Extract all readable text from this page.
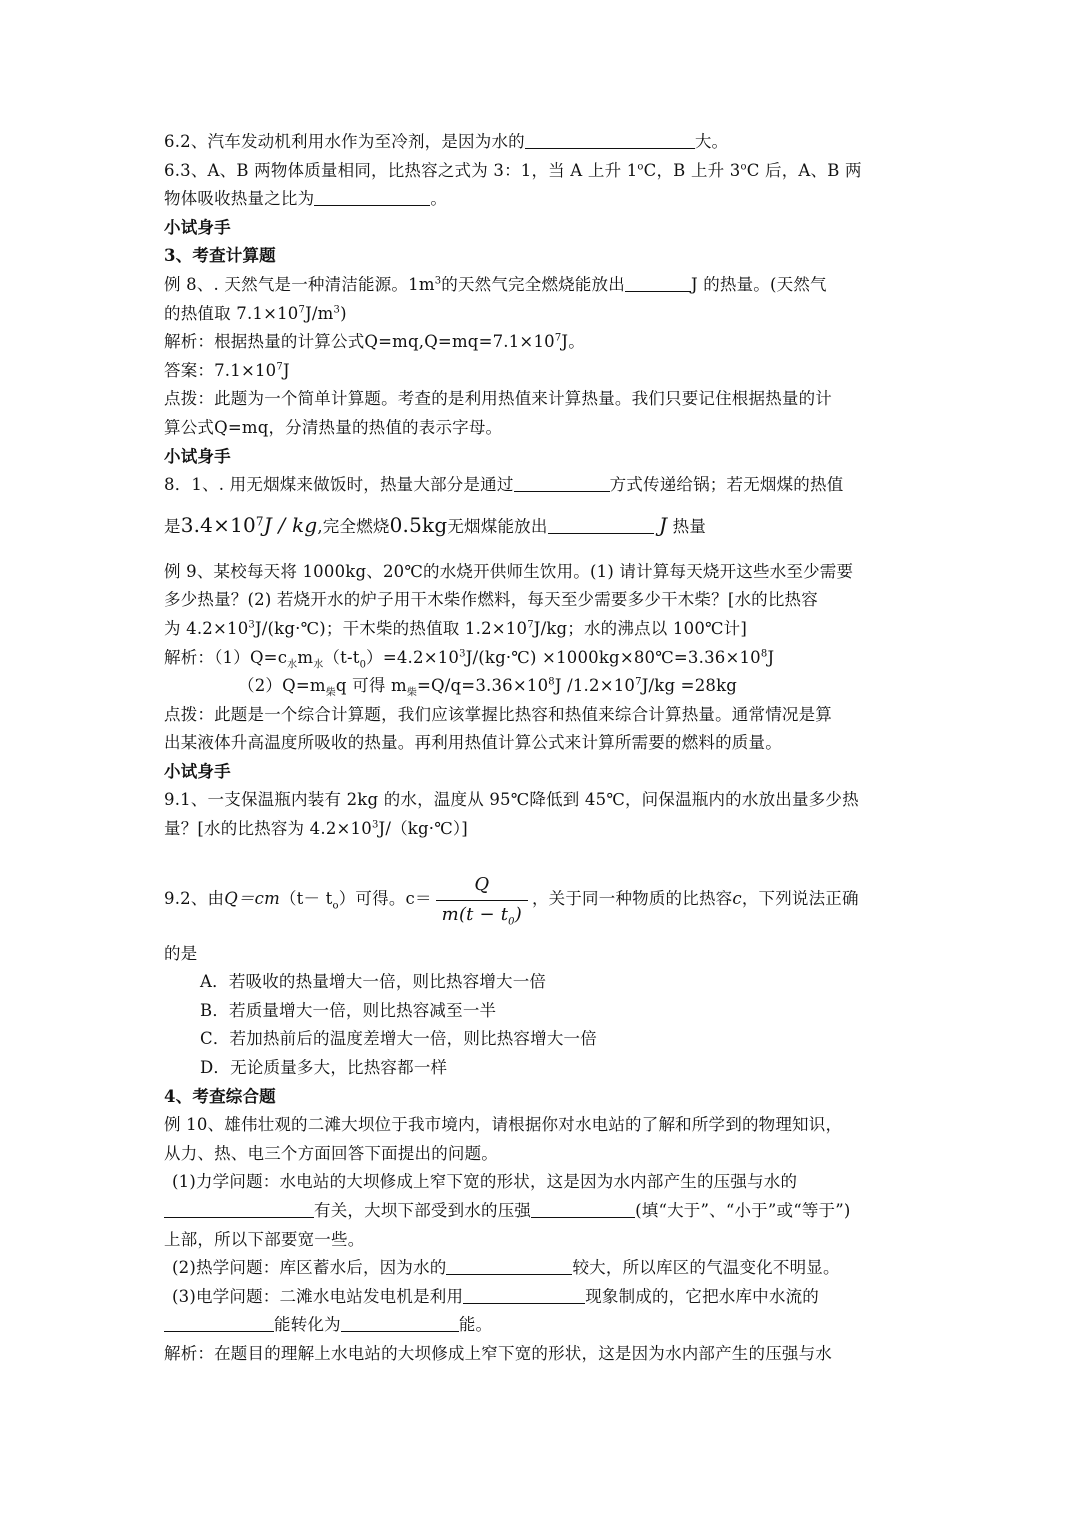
6.2、汽车发动机利用水作为至冷剂，是因为水的	大。
6.3、A、B 两物体质量相同，比热容之式为 3：1，当 A 上升 1$^o$C，B 上升 3$^o$C 后，A、B 两
物体吸收热量之比为	。
小试身手
3、考查计算题
例 8、. 天然气是一种清洁能源。$1m^3$的天然气完全燃烧能放出	J 的热量。(天然气
的热值取 $7.1\times 10^7J/m^3$)
解析：根据热量的计算公式$Q=mq,Q=mq=7.1\times 10^7J$。
答案：$7.1\times 10^7J$
点拨：此题为一个简单计算题。考查的是利用热值来计算热量。我们只要记住根据热量的计
算公式Q=mq，分清热量的热值的表示字母。
小试身手
8．1、. 用无烟煤来做饭时，热量大部分是通过	方式传递给锅；若无烟煤的热值
是$3.4\times 10^7J$ / kg,完全燃烧0.5kg无烟煤能放出	J 热量
例 9、某校每天将 1000kg、20℃的水烧开供师生饮用。(1) 请计算每天烧开这些水至少需要
多少热量？(2) 若烧开水的炉子用干木柴作燃料，每天至少需要多少干木柴？[水的比热容
为 $4.2\times 10^3J/(kg\cdot℃)$；干木柴的热值取 $1.2\times 10^7J/kg$；水的沸点以 100℃计]
解析：$(1)Q=c_水m_水(t-t_0)=4.2\times 10^3J/(kg\cdot℃)$ $\times 1000kg\times 80℃=3.36\times 10^8J$
$(2)Q=m_柴q$ 可得 $m_柴=Q/q=3.36\times 10^8J$ $/1.2\times 10^7J/kg =28kg$
点拨：此题是一个综合计算题，我们应该掌握比热容和热值来综合计算热量。通常情况是算
出某液体升高温度所吸收的热量。再利用热值计算公式来计算所需要的燃料的质量。
小试身手
9.1、一支保温瓶内装有 2kg 的水，温度从 95℃降低到 45℃，问保温瓶内的水放出量多少热
量？[水的比热容为 $4.2\times 10^3J/(kg\cdot℃)$]
9.2、由$Q=cm(t- t_o)$可得。$c= \frac{Q}{m(t - t_0)}$ ，关于同一种物质的比热容c，下列说法正确
的是
A．若吸收的热量增大一倍，则比热容增大一倍
B．若质量增大一倍，则比热容减至一半
C．若加热前后的温度差增大一倍，则比热容增大一倍
D．无论质量多大，比热容都一样
4、考查综合题
例 10、雄伟壮观的二滩大坝位于我市境内，请根据你对水电站的了解和所学到的物理知识，
从力、热、电三个方面回答下面提出的问题。
(1)力学问题：水电站的大坝修成上窄下宽的形状，这是因为水内部产生的压强与水的
有关，大坝下部受到水的压强	(填“大于”、“小于”或“等于”)
上部，所以下部要宽一些。
(2)热学问题：库区蓄水后，因为水的	较大，所以库区的气温变化不明显。
(3)电学问题：二滩水电站发电机是利用	现象制成的，它把水库中水流的
能转化为	能。
解析：在题目的理解上水电站的大坝修成上窄下宽的形状，这是因为水内部产生的压强与水
